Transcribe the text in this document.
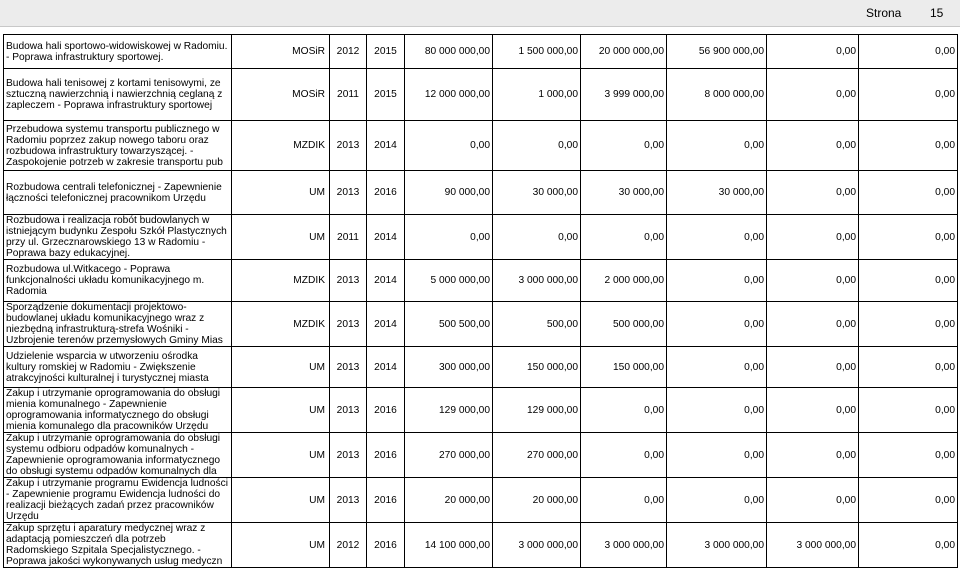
Strona 15
Budowa hali sportowo-widowiskowej w Radomiu. - Poprawa infrastruktury sportowej.	MOSiR	2012	2015	80 000 000,00	1 500 000,00	20 000 000,00	56 900 000,00	0,00	0,00
Budowa hali tenisowej z kortami tenisowymi, ze sztuczną nawierzchnią i nawierzchnią ceglaną z zapleczem - Poprawa infrastruktury sportowej	MOSiR	2011	2015	12 000 000,00	1 000,00	3 999 000,00	8 000 000,00	0,00	0,00
Przebudowa systemu transportu publicznego w Radomiu poprzez zakup nowego taboru oraz rozbudowa infrastruktury towarzyszącej. - Zaspokojenie potrzeb w zakresie transportu pub	MZDIK	2013	2014	0,00	0,00	0,00	0,00	0,00	0,00
Rozbudowa centrali telefonicznej - Zapewnienie łączności telefonicznej pracownikom Urzędu	UM	2013	2016	90 000,00	30 000,00	30 000,00	30 000,00	0,00	0,00
Rozbudowa i realizacja robót budowlanych w istniejącym budynku Zespołu Szkół Plastycznych przy ul. Grzecznarowskiego 13 w Radomiu - Poprawa bazy edukacyjnej.	UM	2011	2014	0,00	0,00	0,00	0,00	0,00	0,00
Rozbudowa ul.Witkacego - Poprawa funkcjonalności układu komunikacyjnego m. Radomia	MZDIK	2013	2014	5 000 000,00	3 000 000,00	2 000 000,00	0,00	0,00	0,00
Sporządzenie dokumentacji projektowo-budowlanej układu komunikacyjnego wraz z niezbędną infrastrukturą-strefa Wośniki - Uzbrojenie terenów przemysłowych Gminy Mias	MZDIK	2013	2014	500 500,00	500,00	500 000,00	0,00	0,00	0,00
Udzielenie wsparcia w utworzeniu ośrodka kultury romskiej w Radomiu - Zwiększenie atrakcyjności kulturalnej i turystycznej miasta	UM	2013	2014	300 000,00	150 000,00	150 000,00	0,00	0,00	0,00
Zakup i utrzymanie oprogramowania do obsługi mienia komunalnego - Zapewnienie oprogramowania informatycznego do obsługi mienia komunalego dla pracowników Urzędu	UM	2013	2016	129 000,00	129 000,00	0,00	0,00	0,00	0,00
Zakup i utrzymanie oprogramowania do obsługi systemu odbioru odpadów komunalnych - Zapewnienie oprogramowania informatycznego do obsługi systemu odpadów komunalnych dla	UM	2013	2016	270 000,00	270 000,00	0,00	0,00	0,00	0,00
Zakup i utrzymanie programu Ewidencja ludności - Zapewnienie programu Ewidencja ludności do realizacji bieżących zadań przez pracowników Urzędu	UM	2013	2016	20 000,00	20 000,00	0,00	0,00	0,00	0,00
Zakup sprzętu i aparatury medycznej wraz z adaptacją pomieszczeń dla potrzeb Radomskiego Szpitala Specjalistycznego. - Poprawa jakości wykonywanych usług medyczn	UM	2012	2016	14 100 000,00	3 000 000,00	3 000 000,00	3 000 000,00	3 000 000,00	0,00
